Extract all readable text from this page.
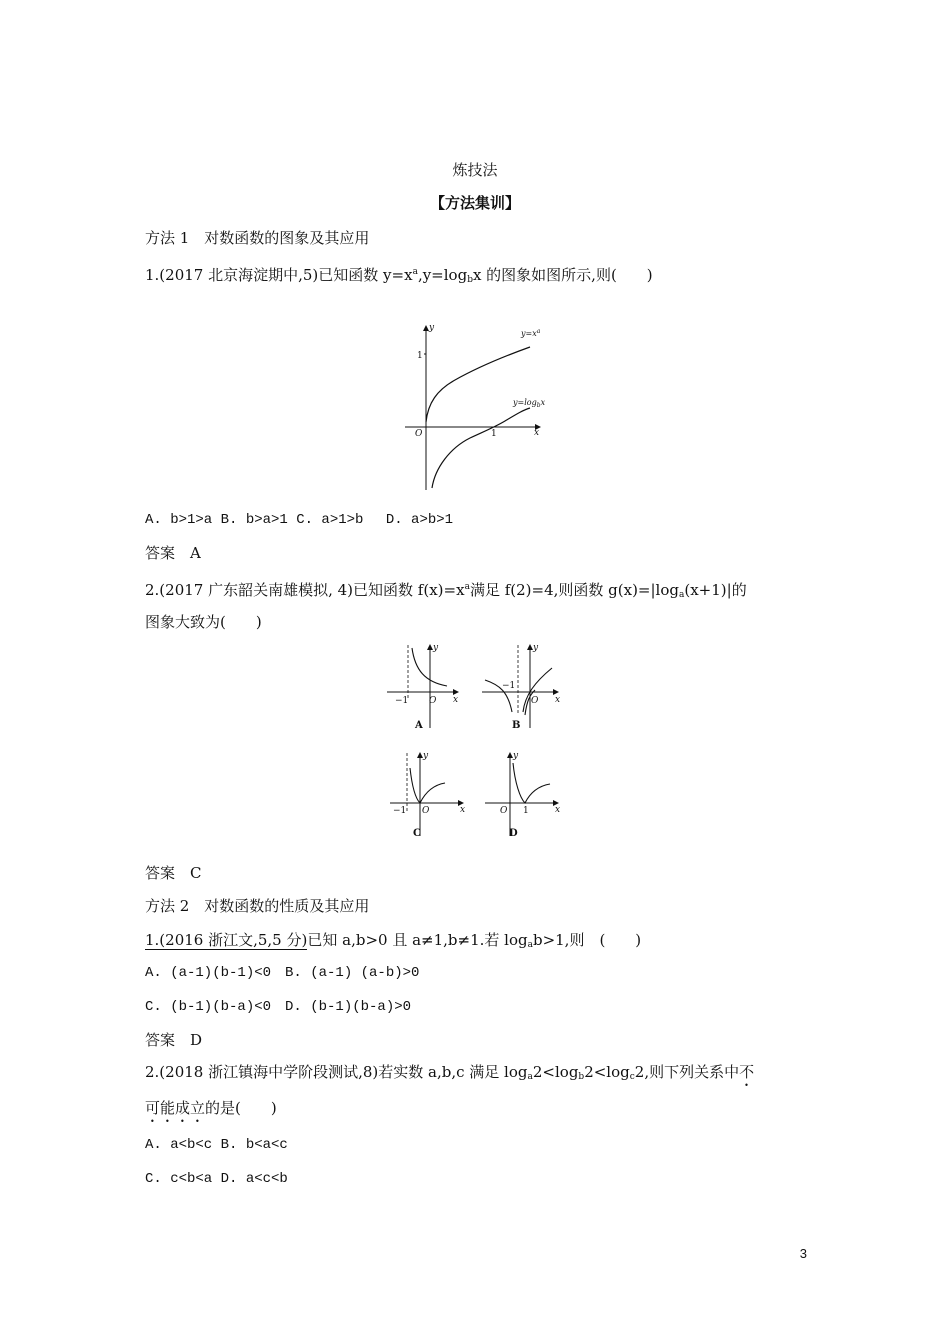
炼技法
【方法集训】
方法 1　对数函数的图象及其应用
1.(2017 北京海淀期中,5)已知函数 $y=x^a,y=\log_bx$ 的图象如图所示,则(　　)
y
x
O
1
1
$y=x^a$
$y=\log_bx$
A. b>1>a B. b>a>1 C. a>1>b　 D. a>b>1
答案　A
2.(2017 广东韶关南雄模拟, 4)已知函数 $f(x)=x^a$满足 f(2)=4,则函数 $g(x)=|\log_a(x+1)|$的
图象大致为(　　)
y
x
O
−1
A
y
x
O
−1
B
y
x
O
−1
C
y
x
O 1
D
答案　C
方法 2　对数函数的性质及其应用
1.(2016 浙江文,5,5 分)已知 a,b>0 且 a≠1,b≠1.若 $\log_ab>1$,则　(　　)
A. (a-1)(b-1)<0　B. (a-1) (a-b)>0
C. (b-1)(b-a)<0　D. (b-1)(b-a)>0
答案　D
2.(2018 浙江镇海中学阶段测试,8)若实数 a,b,c 满足 $\log_a2<\log_b2<\log_c2$,则下列关系中不
可能成立的是(　　)
A. a<b<c B. b<a<c
C. c<b<a D. a<c<b
3
